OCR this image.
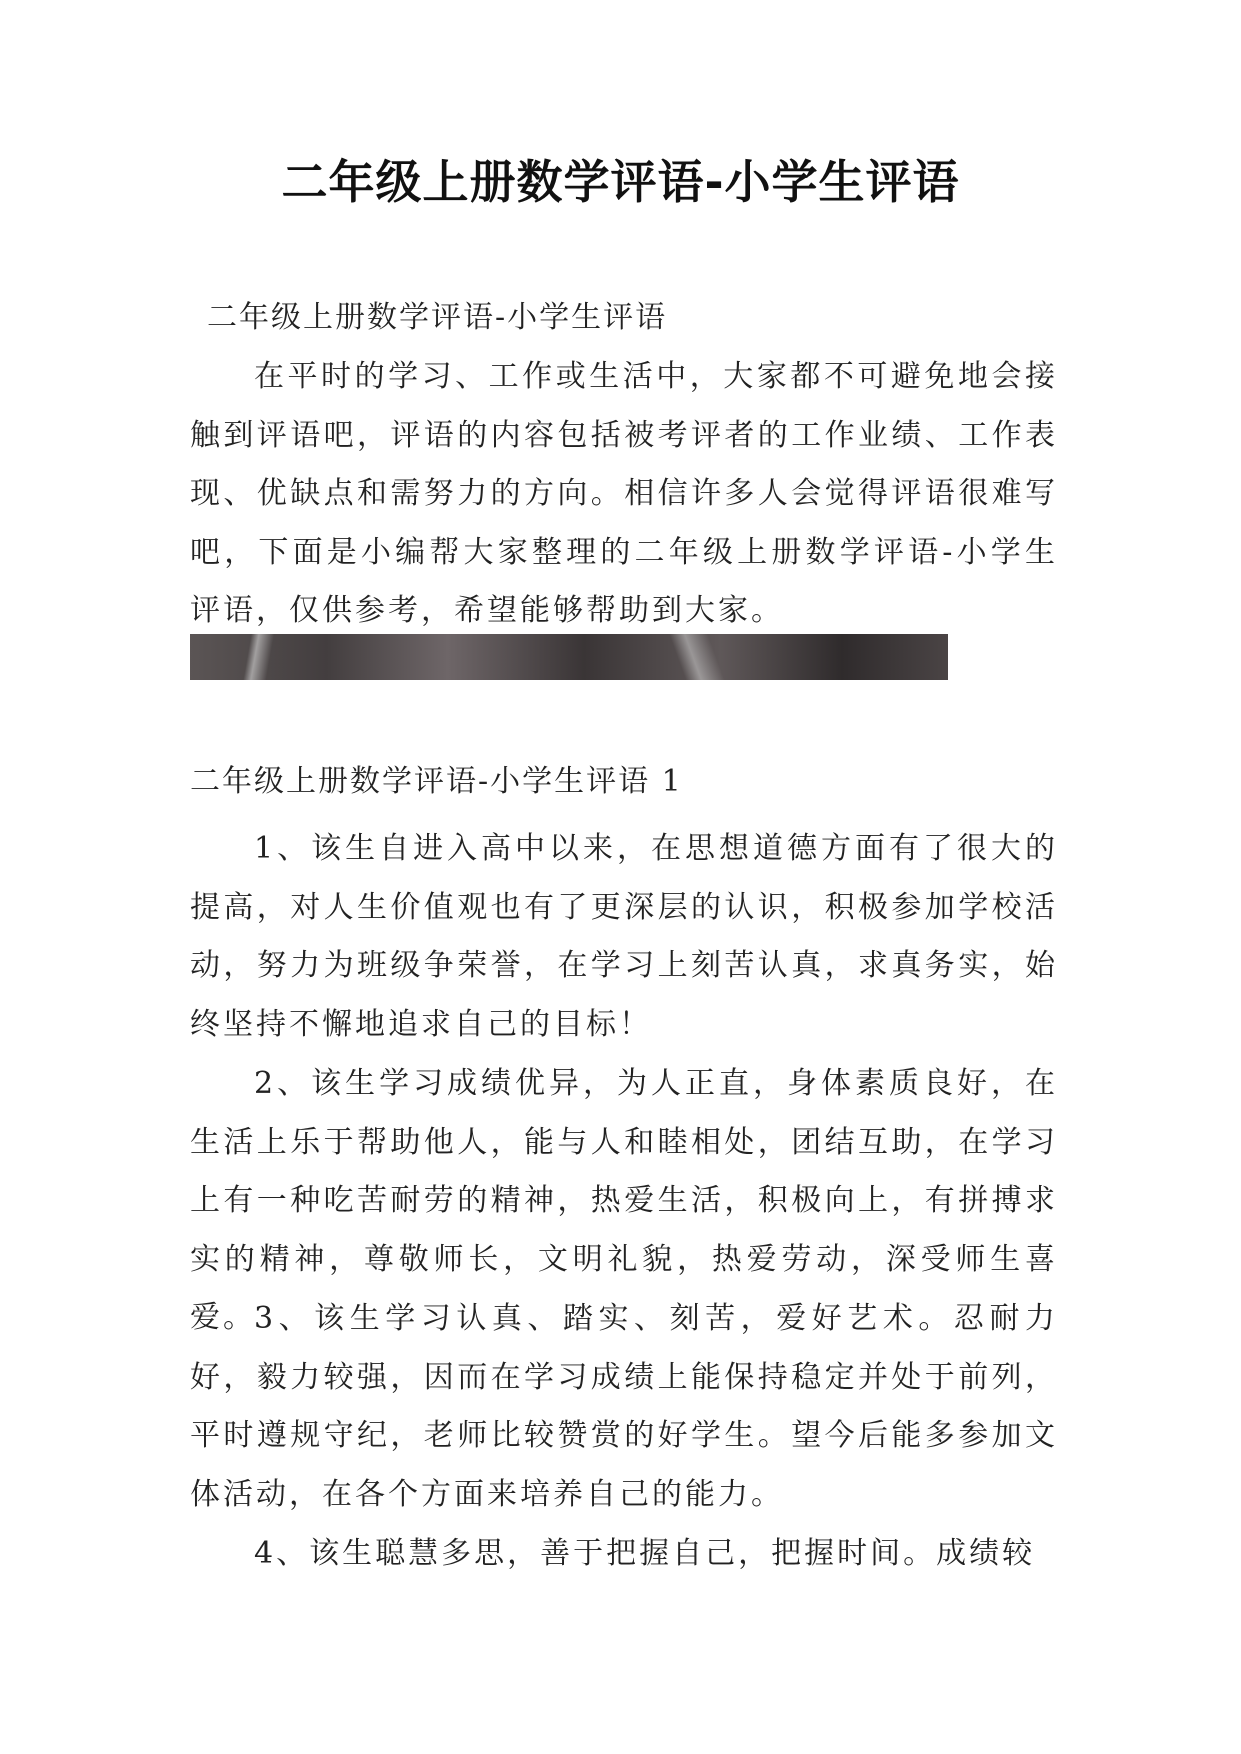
二年级上册数学评语-小学生评语
二年级上册数学评语-小学生评语

在平时的学习、工作或生活中，大家都不可避免地会接触到评语吧，评语的内容包括被考评者的工作业绩、工作表现、优缺点和需努力的方向。相信许多人会觉得评语很难写吧，下面是小编帮大家整理的二年级上册数学评语-小学生评语，仅供参考，希望能够帮助到大家。

二年级上册数学评语-小学生评语 1

1、该生自进入高中以来，在思想道德方面有了很大的提高，对人生价值观也有了更深层的认识，积极参加学校活动，努力为班级争荣誉，在学习上刻苦认真，求真务实，始终坚持不懈地追求自己的目标！

2、该生学习成绩优异，为人正直，身体素质良好，在生活上乐于帮助他人，能与人和睦相处，团结互助，在学习上有一种吃苦耐劳的精神，热爱生活，积极向上，有拼搏求实的精神，尊敬师长，文明礼貌，热爱劳动，深受师生喜爱。

3、该生学习认真、踏实、刻苦，爱好艺术。忍耐力好，毅力较强，因而在学习成绩上能保持稳定并处于前列，平时遵规守纪，老师比较赞赏的好学生。望今后能多参加文体活动，在各个方面来培养自己的能力。

4、该生聪慧多思，善于把握自己，把握时间。成绩较
